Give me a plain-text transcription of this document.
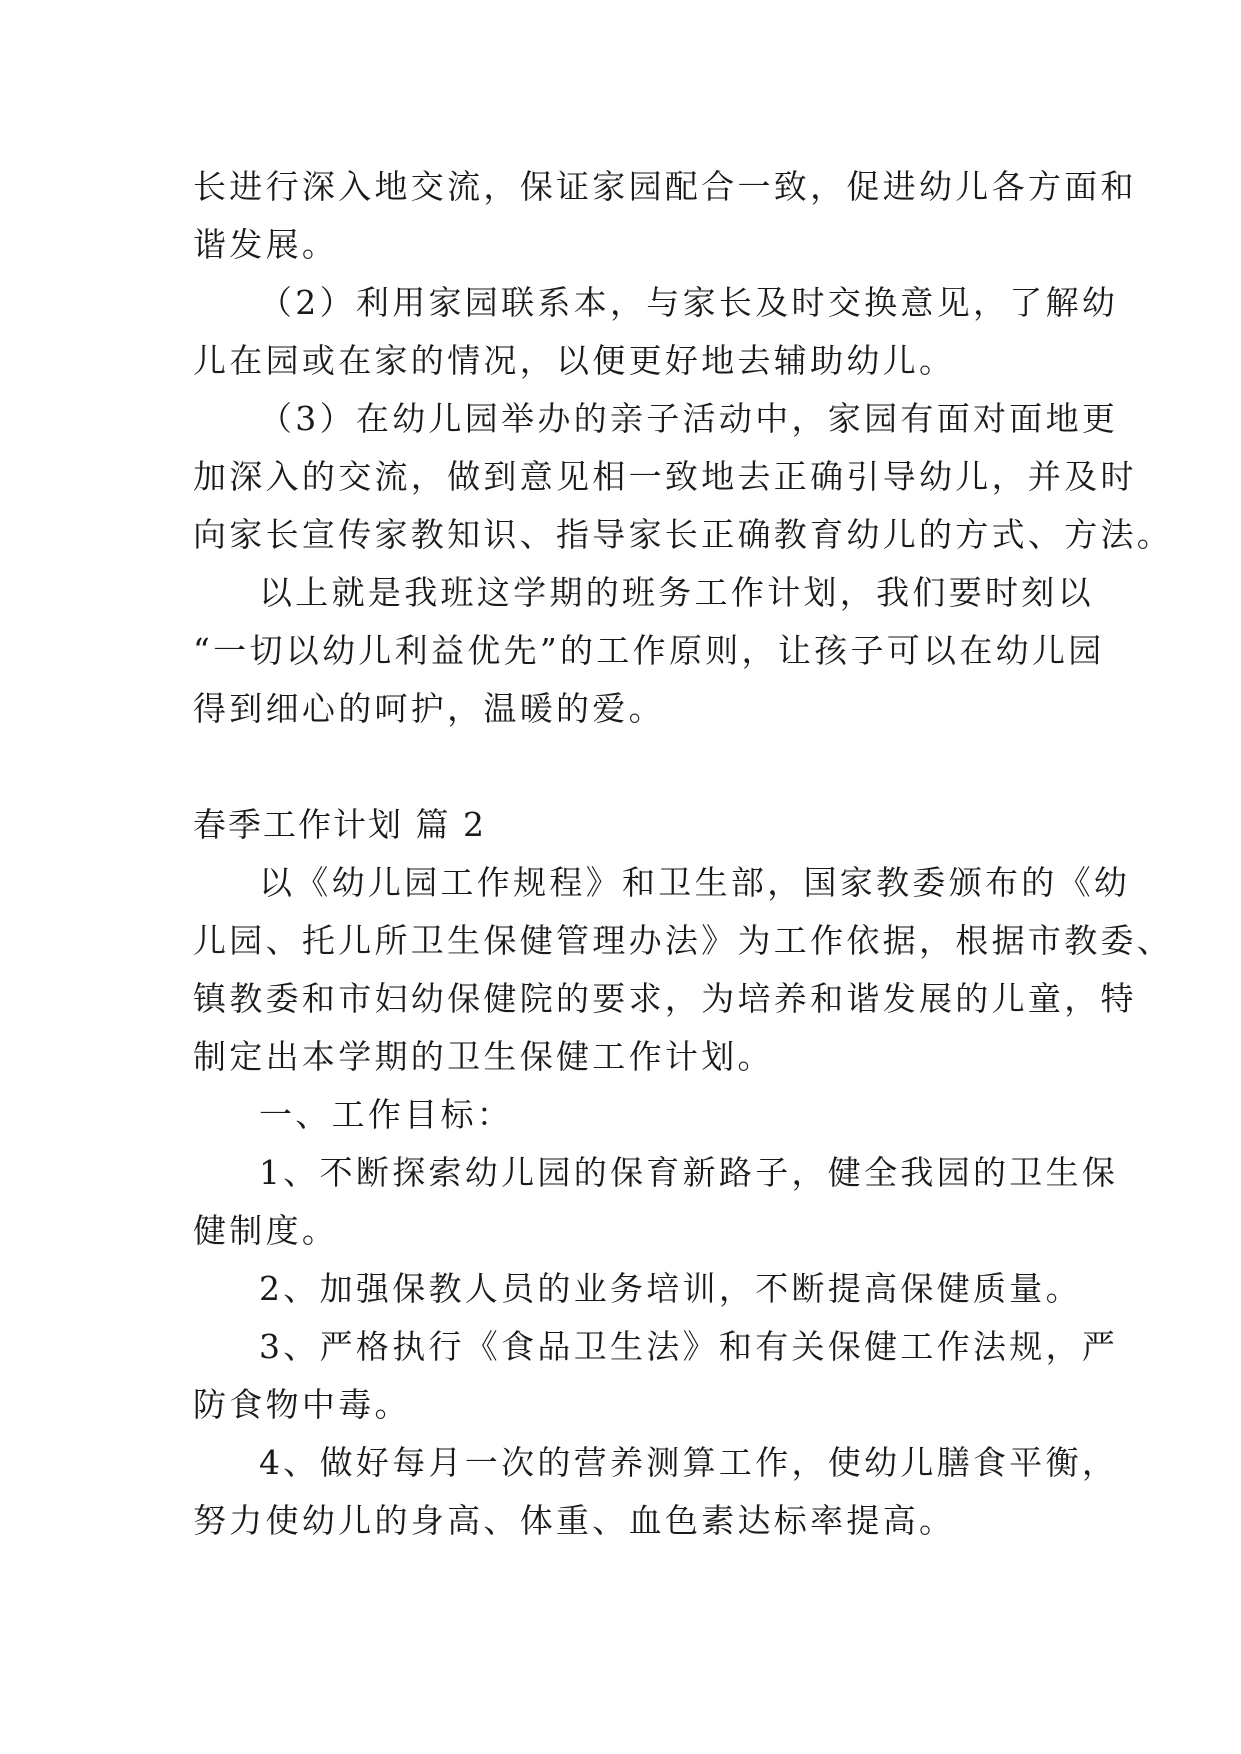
长进行深入地交流，保证家园配合一致，促进幼儿各方面和

谐发展。

（2）利用家园联系本，与家长及时交换意见，了解幼

儿在园或在家的情况，以便更好地去辅助幼儿。

（3）在幼儿园举办的亲子活动中，家园有面对面地更

加深入的交流，做到意见相一致地去正确引导幼儿，并及时

向家长宣传家教知识、指导家长正确教育幼儿的方式、方法。

以上就是我班这学期的班务工作计划，我们要时刻以

“一切以幼儿利益优先”的工作原则，让孩子可以在幼儿园

得到细心的呵护，温暖的爱。

春季工作计划 篇 2

以《幼儿园工作规程》和卫生部，国家教委颁布的《幼

儿园、托儿所卫生保健管理办法》为工作依据，根据市教委、

镇教委和市妇幼保健院的要求，为培养和谐发展的儿童，特

制定出本学期的卫生保健工作计划。

一、工作目标：

1、不断探索幼儿园的保育新路子，健全我园的卫生保

健制度。

2、加强保教人员的业务培训，不断提高保健质量。

3、严格执行《食品卫生法》和有关保健工作法规，严

防食物中毒。

4、做好每月一次的营养测算工作，使幼儿膳食平衡，

努力使幼儿的身高、体重、血色素达标率提高。
